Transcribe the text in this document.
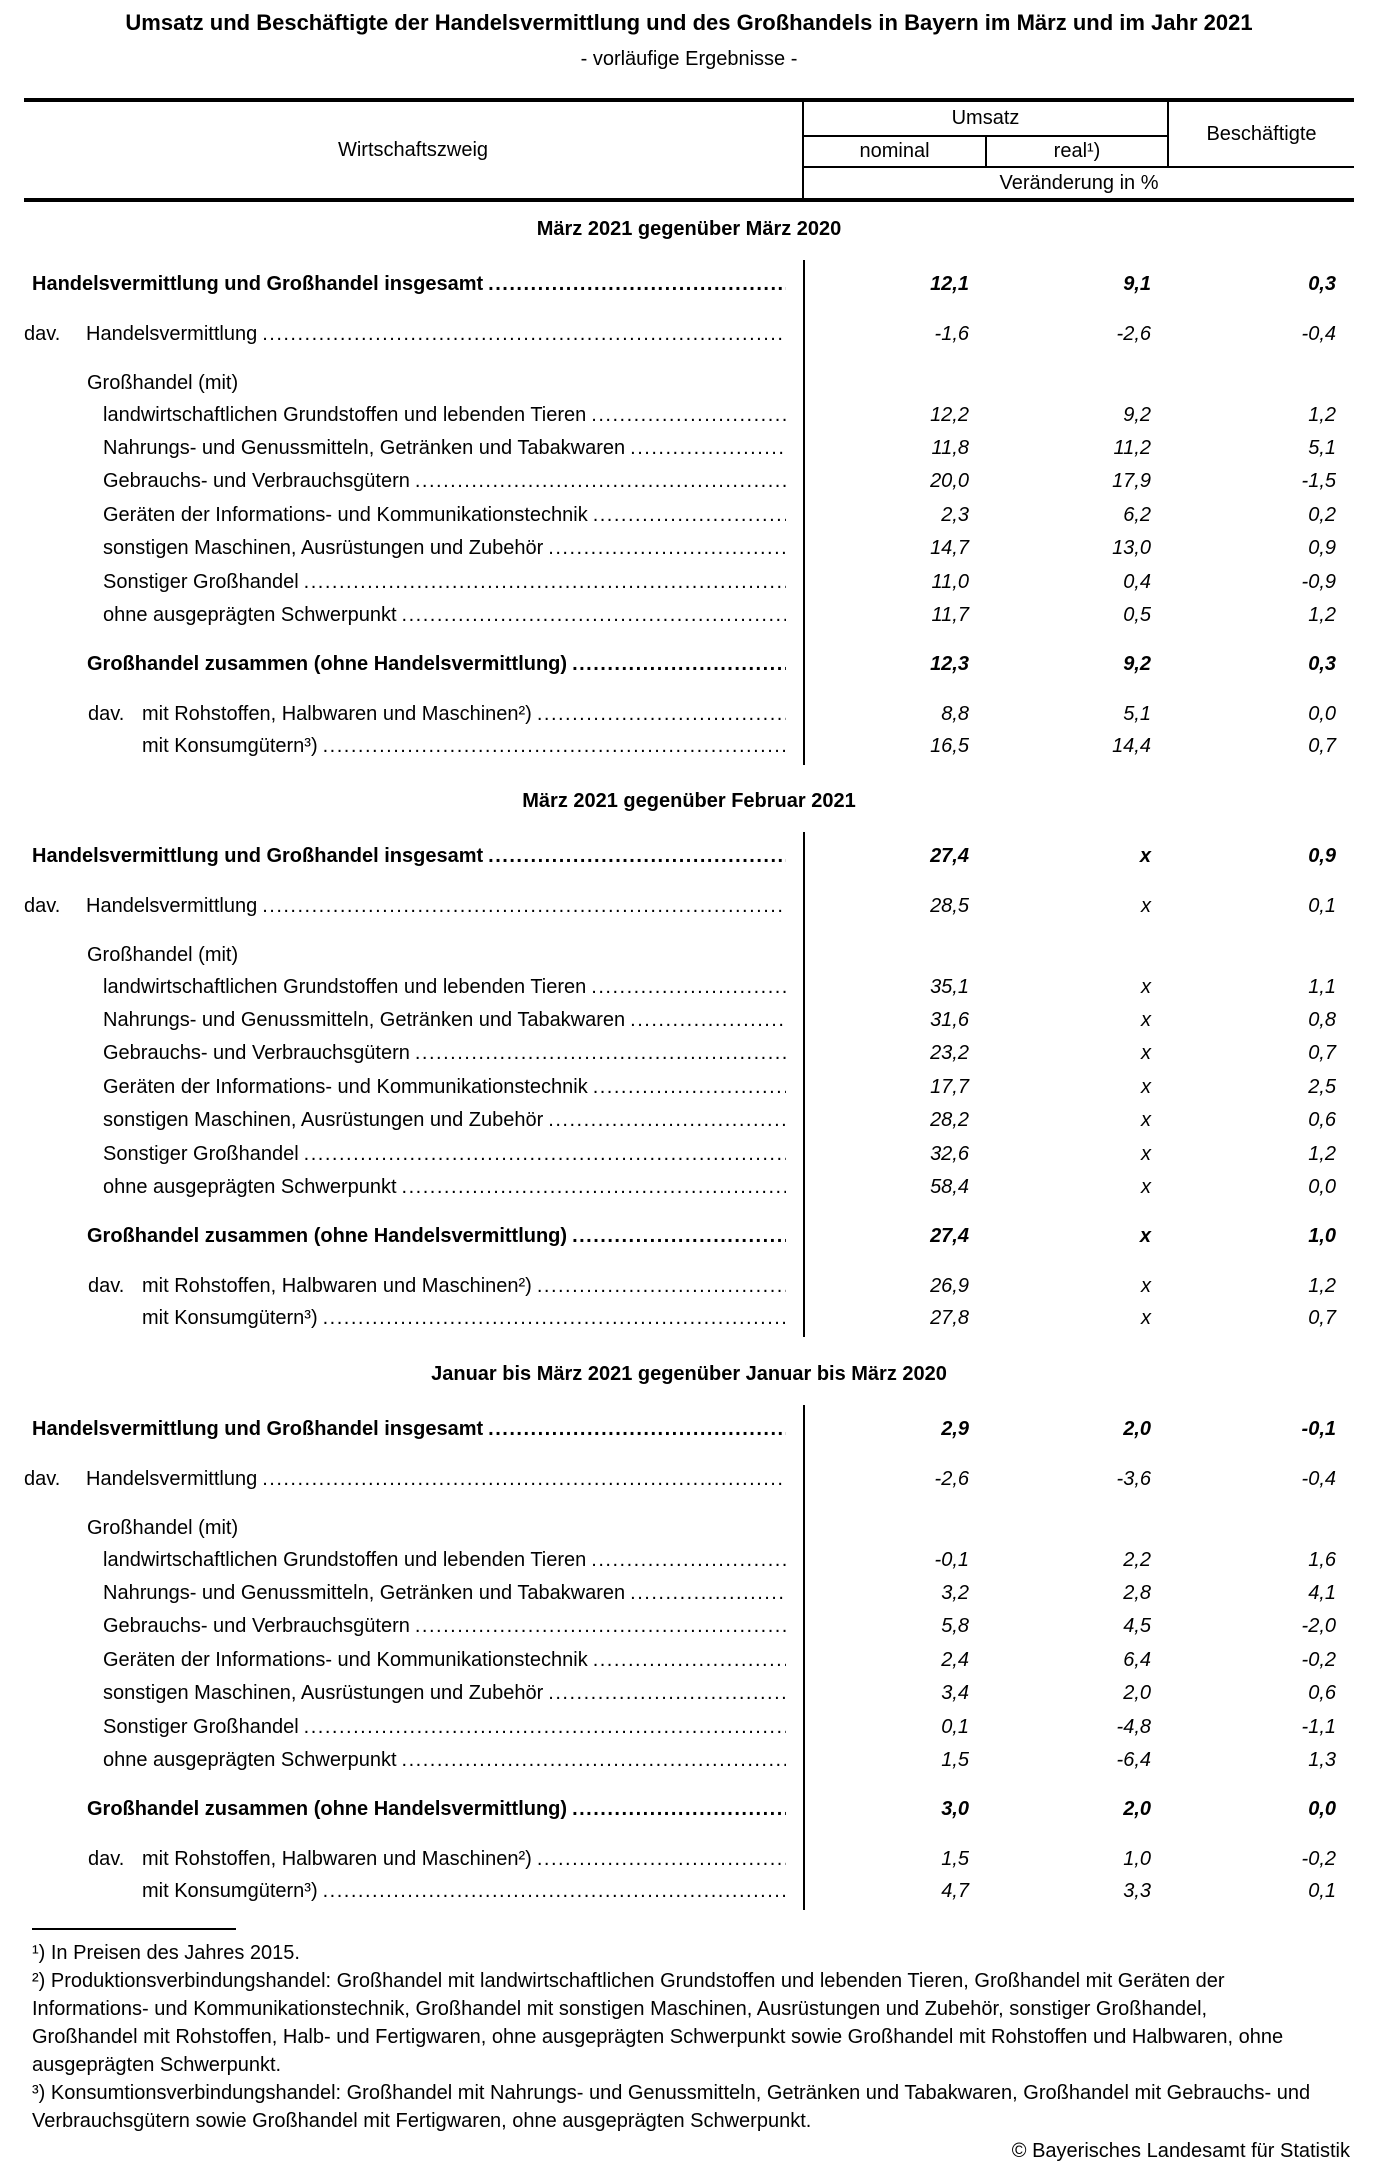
Umsatz und Beschäftigte der Handelsvermittlung und des Großhandels in Bayern im März und im Jahr 2021
- vorläufige Ergebnisse -
Wirtschaftszweig
Umsatz
Beschäftigte
nominal	real¹)
Veränderung in %
März 2021 gegenüber März 2020
Handelsvermittlung und Großhandel insgesamt .....	12,1	9,1	0,3
dav. Handelsvermittlung .....	-1,6	-2,6	-0,4
Großhandel (mit)
landwirtschaftlichen Grundstoffen und lebenden Tieren .....	12,2	9,2	1,2
Nahrungs- und Genussmitteln, Getränken und Tabakwaren .....	11,8	11,2	5,1
Gebrauchs- und Verbrauchsgütern .....	20,0	17,9	-1,5
Geräten der Informations- und Kommunikationstechnik .....	2,3	6,2	0,2
sonstigen Maschinen, Ausrüstungen und Zubehör .....	14,7	13,0	0,9
Sonstiger Großhandel .....	11,0	0,4	-0,9
ohne ausgeprägten Schwerpunkt .....	11,7	0,5	1,2
Großhandel zusammen (ohne Handelsvermittlung) .....	12,3	9,2	0,3
dav. mit Rohstoffen, Halbwaren und Maschinen²) .....	8,8	5,1	0,0
mit Konsumgütern³) .....	16,5	14,4	0,7
März 2021 gegenüber Februar 2021
Handelsvermittlung und Großhandel insgesamt .....	27,4	x	0,9
dav. Handelsvermittlung .....	28,5	x	0,1
Großhandel (mit)
landwirtschaftlichen Grundstoffen und lebenden Tieren .....	35,1	x	1,1
Nahrungs- und Genussmitteln, Getränken und Tabakwaren .....	31,6	x	0,8
Gebrauchs- und Verbrauchsgütern .....	23,2	x	0,7
Geräten der Informations- und Kommunikationstechnik .....	17,7	x	2,5
sonstigen Maschinen, Ausrüstungen und Zubehör .....	28,2	x	0,6
Sonstiger Großhandel .....	32,6	x	1,2
ohne ausgeprägten Schwerpunkt .....	58,4	x	0,0
Großhandel zusammen (ohne Handelsvermittlung) .....	27,4	x	1,0
dav. mit Rohstoffen, Halbwaren und Maschinen²) .....	26,9	x	1,2
mit Konsumgütern³) .....	27,8	x	0,7
Januar bis März 2021 gegenüber Januar bis März 2020
Handelsvermittlung und Großhandel insgesamt .....	2,9	2,0	-0,1
dav. Handelsvermittlung .....	-2,6	-3,6	-0,4
Großhandel (mit)
landwirtschaftlichen Grundstoffen und lebenden Tieren .....	-0,1	2,2	1,6
Nahrungs- und Genussmitteln, Getränken und Tabakwaren .....	3,2	2,8	4,1
Gebrauchs- und Verbrauchsgütern .....	5,8	4,5	-2,0
Geräten der Informations- und Kommunikationstechnik .....	2,4	6,4	-0,2
sonstigen Maschinen, Ausrüstungen und Zubehör .....	3,4	2,0	0,6
Sonstiger Großhandel .....	0,1	-4,8	-1,1
ohne ausgeprägten Schwerpunkt .....	1,5	-6,4	1,3
Großhandel zusammen (ohne Handelsvermittlung) .....	3,0	2,0	0,0
dav. mit Rohstoffen, Halbwaren und Maschinen²) .....	1,5	1,0	-0,2
mit Konsumgütern³) .....	4,7	3,3	0,1
¹) In Preisen des Jahres 2015.
²) Produktionsverbindungshandel: Großhandel mit landwirtschaftlichen Grundstoffen und lebenden Tieren, Großhandel mit Geräten der
Informations- und Kommunikationstechnik, Großhandel mit sonstigen Maschinen, Ausrüstungen und Zubehör, sonstiger Großhandel,
Großhandel mit Rohstoffen, Halb- und Fertigwaren, ohne ausgeprägten Schwerpunkt sowie Großhandel mit Rohstoffen und Halbwaren, ohne
ausgeprägten Schwerpunkt.
³) Konsumtionsverbindungshandel: Großhandel mit Nahrungs- und Genussmitteln, Getränken und Tabakwaren, Großhandel mit Gebrauchs- und
Verbrauchsgütern sowie Großhandel mit Fertigwaren, ohne ausgeprägten Schwerpunkt.
© Bayerisches Landesamt für Statistik
